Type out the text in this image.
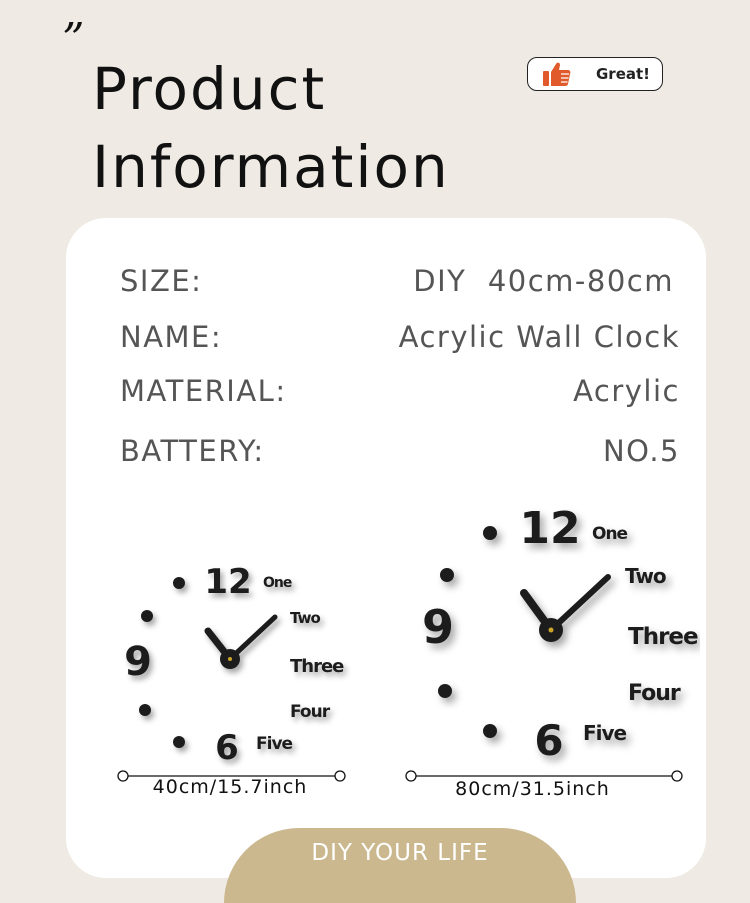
”
Product
Information
Great!
SIZE:	DIY  40cm-80cm
NAME:	Acrylic Wall Clock
MATERIAL:	Acrylic
BATTERY:	NO.5
12 One
Two
Three
Four
Five
6
9
12 One
Two
Three
Four
Five
6
9
40cm/15.7inch	80cm/31.5inch
DIY YOUR LIFE
